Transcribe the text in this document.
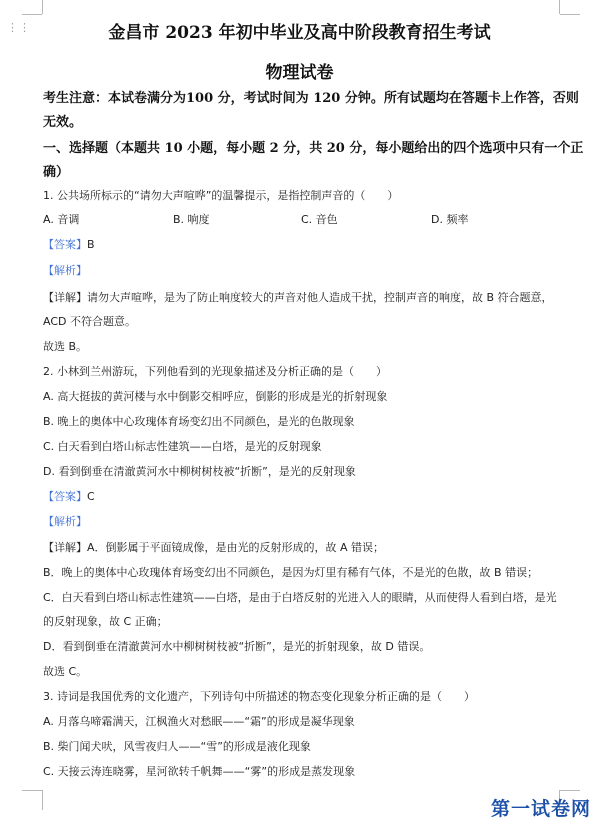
⋮⋮	金昌市 2023 年初中毕业及高中阶段教育招生考试
物理试卷
考生注意：本试卷满分为100 分，考试时间为 120 分钟。所有试题均在答题卡上作答，否则
无效。
一、选择题（本题共 10 小题，每小题 2 分，共 20 分，每小题给出的四个选项中只有一个正
确）
1. 公共场所标示的“请勿大声喧哗”的温馨提示，是指控制声音的（　　）
A. 音调	B. 响度	C. 音色	D. 频率
【答案】B
【解析】
【详解】请勿大声喧哗，是为了防止响度较大的声音对他人造成干扰，控制声音的响度，故 B 符合题意，
ACD 不符合题意。
故选 B。
2. 小林到兰州游玩，下列他看到的光现象描述及分析正确的是（　　）
A. 高大挺拔的黄河楼与水中倒影交相呼应，倒影的形成是光的折射现象
B. 晚上的奥体中心玫瑰体育场变幻出不同颜色，是光的色散现象
C. 白天看到白塔山标志性建筑——白塔，是光的反射现象
D. 看到倒垂在清澈黄河水中柳树树枝被“折断”，是光的反射现象
【答案】C
【解析】
【详解】A．倒影属于平面镜成像，是由光的反射形成的，故 A 错误；
B．晚上的奥体中心玫瑰体育场变幻出不同颜色，是因为灯里有稀有气体，不是光的色散，故 B 错误；
C．白天看到白塔山标志性建筑——白塔，是由于白塔反射的光进入人的眼睛，从而使得人看到白塔，是光
的反射现象，故 C 正确；
D．看到倒垂在清澈黄河水中柳树树枝被“折断”，是光的折射现象，故 D 错误。
故选 C。
3. 诗词是我国优秀的文化遗产，下列诗句中所描述的物态变化现象分析正确的是（　　）
A. 月落乌啼霜满天，江枫渔火对愁眠——“霜”的形成是凝华现象
B. 柴门闻犬吠，风雪夜归人——“雪”的形成是液化现象
C. 天接云涛连晓雾，星河欲转千帆舞——“雾”的形成是蒸发现象
第一试卷网
